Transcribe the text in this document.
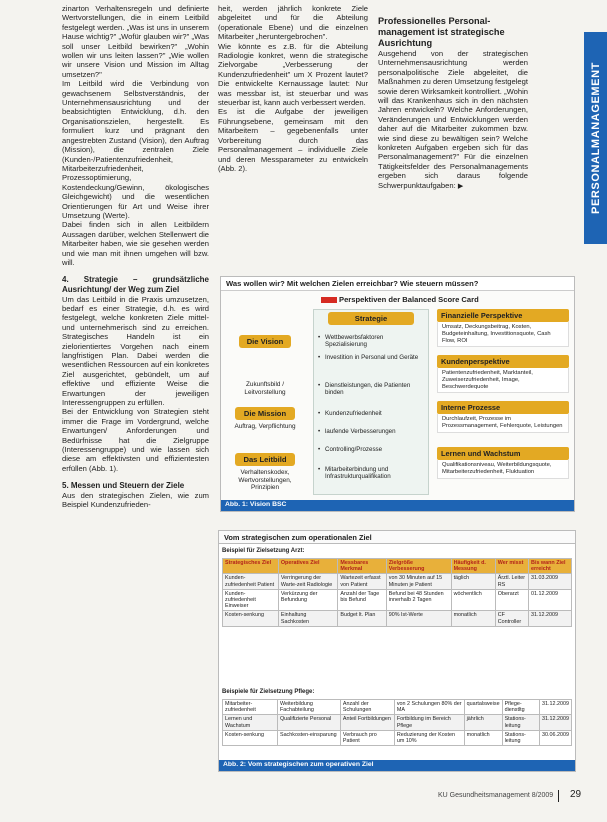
PERSONALMANAGEMENT

zinarton Verhaltensregeln und definierte Wertvorstellungen, die in einem Leitbild festgelegt werden. „Was ist uns in unserem Hause wichtig?" „Wofür glauben wir?" „Was soll unser Leitbild bewirken?" „Wohin wollen wir uns leiten lassen?" „Wie wollen wir unsere Vision und Mission im Alltag umsetzen?"

Im Leitbild wird die Verbindung von gewachsenem Selbstverständnis, der Unternehmensausrichtung und der beabsichtigten Entwicklung, d.h. den Organisationszielen, hergestellt. Es formuliert kurz und prägnant den angestrebten Zustand (Vision), den Auftrag (Mission), die zentralen Ziele (Kunden-/Patientenzufriedenheit, Mitarbeiterzufriedenheit, Prozessoptimierung, Kostendeckung/Gewinn, ökologisches Gleichgewicht) und die wesentlichen Orientierungen für Art und Weise ihrer Umsetzung (Werte).

Dabei finden sich in allen Leitbildern Aussagen darüber, welchen Stellenwert die Mitarbeiter haben, wie sie gesehen werden und wie man mit ihnen umgehen will bzw. will.

4. Strategie – grundsätzliche Ausrichtung/ der Weg zum Ziel

Um das Leitbild in die Praxis umzusetzen, bedarf es einer Strategie, d.h. es wird festgelegt, welche konkreten Ziele mittel- und unternehmerisch sind zu erreichen. Strategisches Handeln ist ein zielorientiertes Vorgehen nach einem langfristigen Plan. Dabei werden die wesentlichen Ressourcen auf ein konkretes Ziel ausgerichtet, gebündelt, um auf effektive und effiziente Weise die Erwartungen der jeweiligen Interessengruppen zu erfüllen.

Bei der Entwicklung von Strategien steht immer die Frage im Vordergrund, welche Erwartungen/ Anforderungen und Bedürfnisse hat die Zielgruppe (Interessengruppe) und wie lassen sich diese am effektivsten und effizientesten erfüllen (Abb. 1).

5. Messen und Steuern der Ziele

Aus den strategischen Zielen, wie zum Beispiel Kundenzufrieden-

heit, werden jährlich konkrete Ziele abgeleitet und für die Abteilung (operationale Ebene) und die einzelnen Mitarbeiter „heruntergebrochen".

Wie könnte es z.B. für die Abteilung Radiologie konkret, wenn die strategische Zielvorgabe „Verbesserung der Kundenzufriedenheit" um X Prozent lautet? Die entwickelte Kernaussage lautet: Nur was messbar ist, ist steuerbar und was steuerbar ist, kann auch verbessert werden.

Es ist die Aufgabe der jeweiligen Führungsebene, gemeinsam mit den Mitarbeitern – gegebenenfalls unter Vorbereitung durch das Personalmanagement – individuelle Ziele und deren Messparameter zu entwickeln (Abb. 2).

Professionelles Personal-management ist strategische Ausrichtung

Ausgehend von der strategischen Unternehmensausrichtung werden personalpolitische Ziele abgeleitet, die Maßnahmen zu deren Umsetzung festgelegt sowie deren Wirksamkeit kontrolliert. „Wohin will das Krankenhaus sich in den nächsten Jahren entwickeln? Welche Anforderungen, Veränderungen und Entwicklungen werden daher auf die Mitarbeiter zukommen bzw. wie sind diese zu bewältigen sein? Welche konkreten Aufgaben ergeben sich für das Personalmanagement?" Für die einzelnen Tätigkeitsfelder des Personalmanagements ergeben sich daraus folgende Schwerpunktaufgaben: ▶

Was wollen wir? Mit welchen Zielen erreichbar? Wie steuern müssen?
Perspektiven der Balanced Score Card
Die Vision
Zukunftsbild / Leitvorstellung
Die Mission
Auftrag, Verpflichtung
Das Leitbild
Verhaltenskodex, Wertvorstellungen, Prinzipien
Strategie
• Wettbewerbsfaktoren Spezialisierung
• Investition in Personal und Geräte
• Dienstleistungen, die Patienten binden
• Kundenzufriedenheit
• laufende Verbesserungen
• Controlling/Prozesse
• Mitarbeiterbindung und Infrastrukturqualifikation
Finanzielle Perspektive
Umsatz, Deckungsbeitrag, Kosten, Budgeteinhaltung, Investitionsquote, Cash Flow, ROI
Kundenperspektive
Patientenzufriedenheit, Marktanteil, Zuweiserzufriedenheit, Image, Beschwerdequote
Interne Prozesse
Durchlaufzeit, Prozesse im Prozessmanagement, Fehlerquote, Leistungen
Lernen und Wachstum
Qualifikationsniveau, Weiterbildungsquote, Mitarbeiterzufriedenheit, Fluktuation
Abb. 1: Vision BSC
Vom strategischen zum operationalen Ziel
Beispiel für Zielsetzung Arzt:
Strategisches Ziel	Operatives Ziel	Messbares Merkmal	Zielgröße Verbesserung	Häufigkeit d. Messung	Wer misst	Bis wann Ziel erreicht
Kunden-zufriedenheit Patient	Verringerung der Warte-zeit Radiologie	Wartezeit erfasst von Patient	von 30 Minuten auf 15 Minuten je Patient	täglich	Ärztl. Leiter RS	31.03.2009
Kunden-zufriedenheit Einweiser	Verkürzung der Befundung	Anzahl der Tage bis Befund	Befund bei 48 Stunden innerhalb 2 Tagen	wöchentlich	Oberarzt	01.12.2009
Kosten-senkung	Einhaltung Sachkosten	Budget lt. Plan	90% Ist-Werte	monatlich	CF Controller	31.12.2009
Beispiele für Zielsetzung Pflege:
Mitarbeiter-zufriedenheit	Weiterbildung Fachabteilung	Anzahl der Schulungen	von 2 Schulungen 80% der MA	quartalsweise	Pflege-dienstltg	31.12.2009
Lernen und Wachstum	Qualifizierte Personal	Anteil Fortbildungen	Fortbildung im Bereich Pflege	jährlich	Stations-leitung	31.12.2009
Kosten-senkung	Sachkosten-einsparung	Verbrauch pro Patient	Reduzierung der Kosten um 10%	monatlich	Stations-leitung	30.06.2009
Abb. 2: Vom strategischen zum operativen Ziel
KU Gesundheitsmanagement 8/2009 29
